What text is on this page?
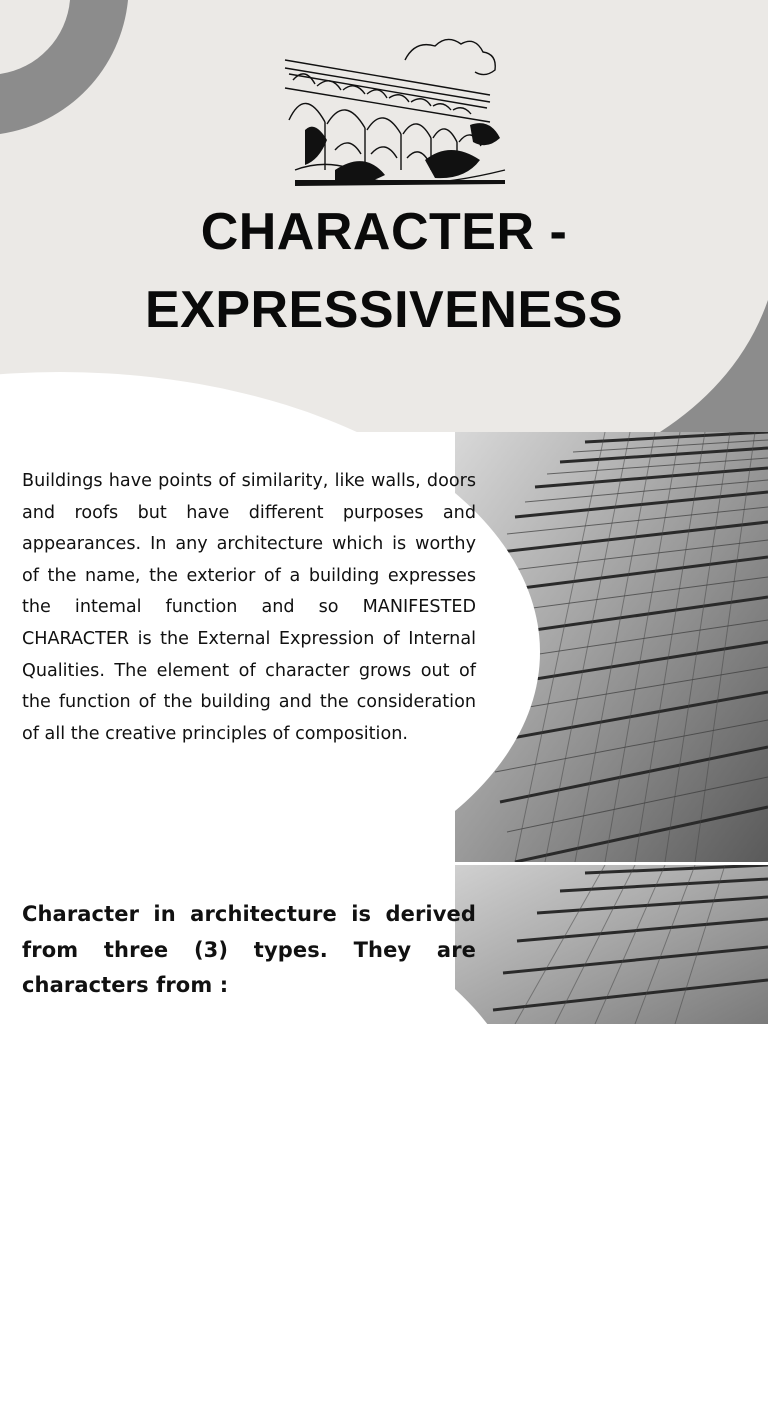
CHARACTER -
EXPRESSIVENESS

Buildings have points of similarity, like walls, doors and roofs but have different purposes and appearances. In any architecture which is worthy of the name, the exterior of a building expresses the intemal function and so MANIFESTED CHARACTER is the External Expression of Internal Qualities. The element of character grows out of the function of the building and the consideration of all the creative principles of composition.

Character in architecture is derived from three (3) types. They are characters from :
